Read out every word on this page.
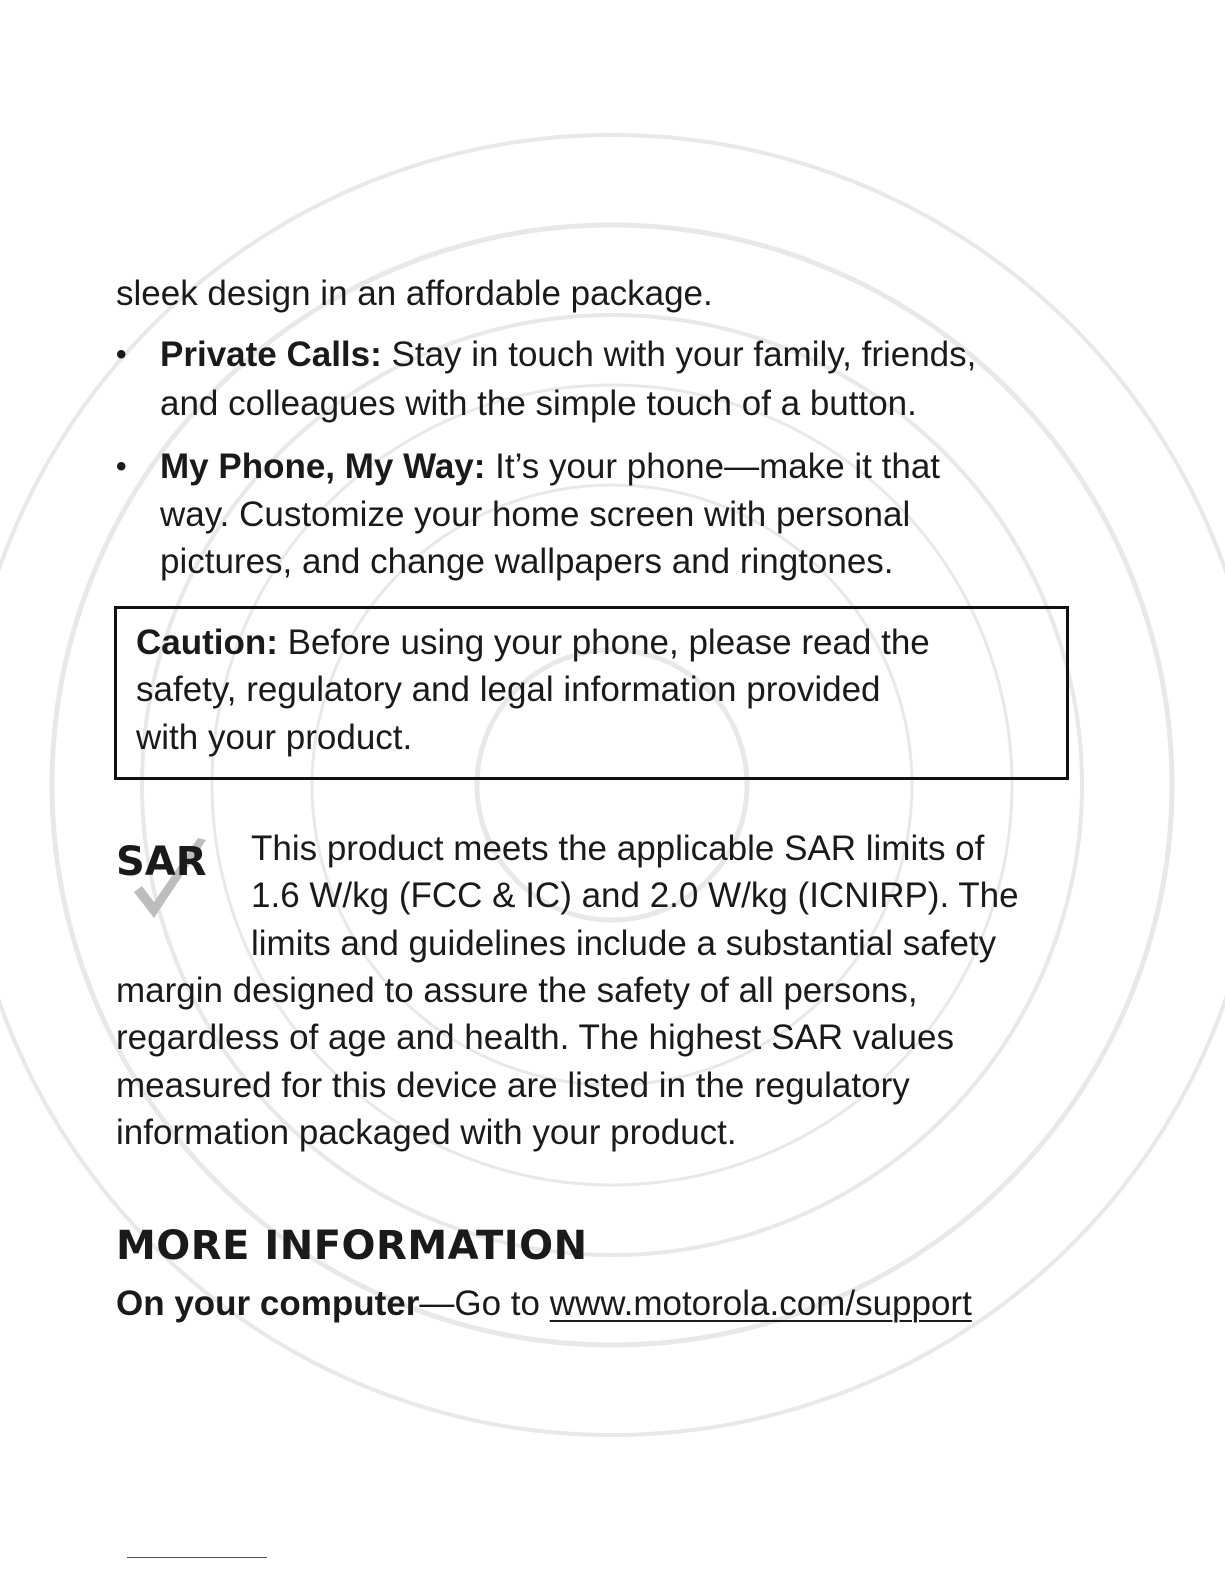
sleek design in an affordable package.

• Private Calls: Stay in touch with your family, friends,

and colleagues with the simple touch of a button.

• My Phone, My Way: It’s your phone—make it that

way. Customize your home screen with personal

pictures, and change wallpapers and ringtones.

Caution: Before using your phone, please read the

safety, regulatory and legal information provided

with your product.

SAR This product meets the applicable SAR limits of

1.6 W/kg (FCC & IC) and 2.0 W/kg (ICNIRP). The

limits and guidelines include a substantial safety

margin designed to assure the safety of all persons,

regardless of age and health. The highest SAR values

measured for this device are listed in the regulatory

information packaged with your product.

MORE INFORMATION

On your computer—Go to www.motorola.com/support
